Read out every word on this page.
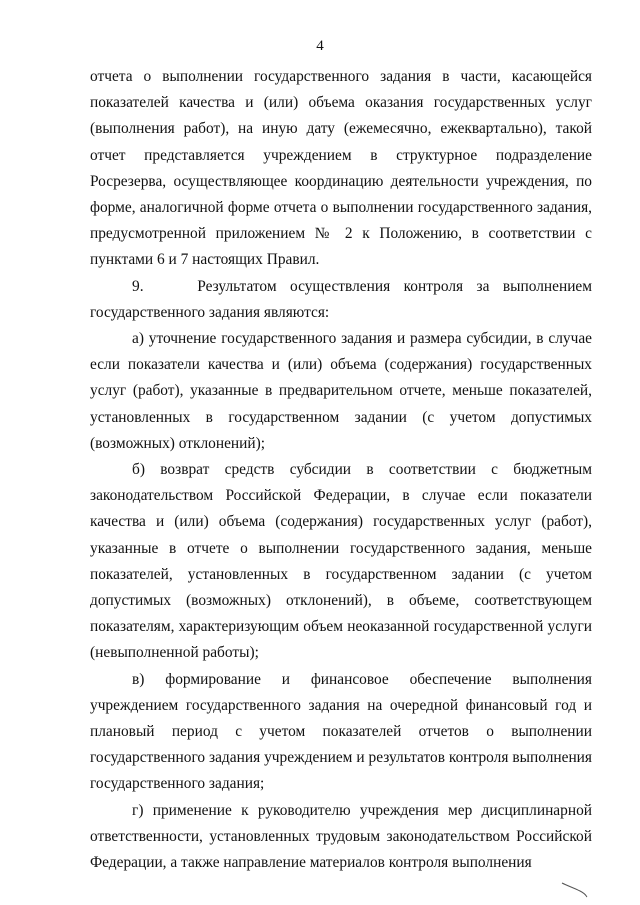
4

отчета о выполнении государственного задания в части, касающейся показателей качества и (или) объема оказания государственных услуг (выполнения работ), на иную дату (ежемесячно, ежеквартально), такой отчет представляется учреждением в структурное подразделение Росрезерва, осуществляющее координацию деятельности учреждения, по форме, аналогичной форме отчета о выполнении государственного задания, предусмотренной приложением № 2 к Положению, в соответствии с пунктами 6 и 7 настоящих Правил.

9.    Результатом осуществления контроля за выполнением государственного задания являются:

а) уточнение государственного задания и размера субсидии, в случае если показатели качества и (или) объема (содержания) государственных услуг (работ), указанные в предварительном отчете, меньше показателей, установленных в государственном задании (с учетом допустимых (возможных) отклонений);

б) возврат средств субсидии в соответствии с бюджетным законодательством Российской Федерации, в случае если показатели качества и (или) объема (содержания) государственных услуг (работ), указанные в отчете о выполнении государственного задания, меньше показателей, установленных в государственном задании (с учетом допустимых (возможных) отклонений), в объеме, соответствующем показателям, характеризующим объем неоказанной государственной услуги (невыполненной работы);

в) формирование и финансовое обеспечение выполнения учреждением государственного задания на очередной финансовый год и плановый период с учетом показателей отчетов о выполнении государственного задания учреждением и результатов контроля выполнения государственного задания;

г) применение к руководителю учреждения мер дисциплинарной ответственности, установленных трудовым законодательством Российской Федерации, а также направление материалов контроля выполнения
